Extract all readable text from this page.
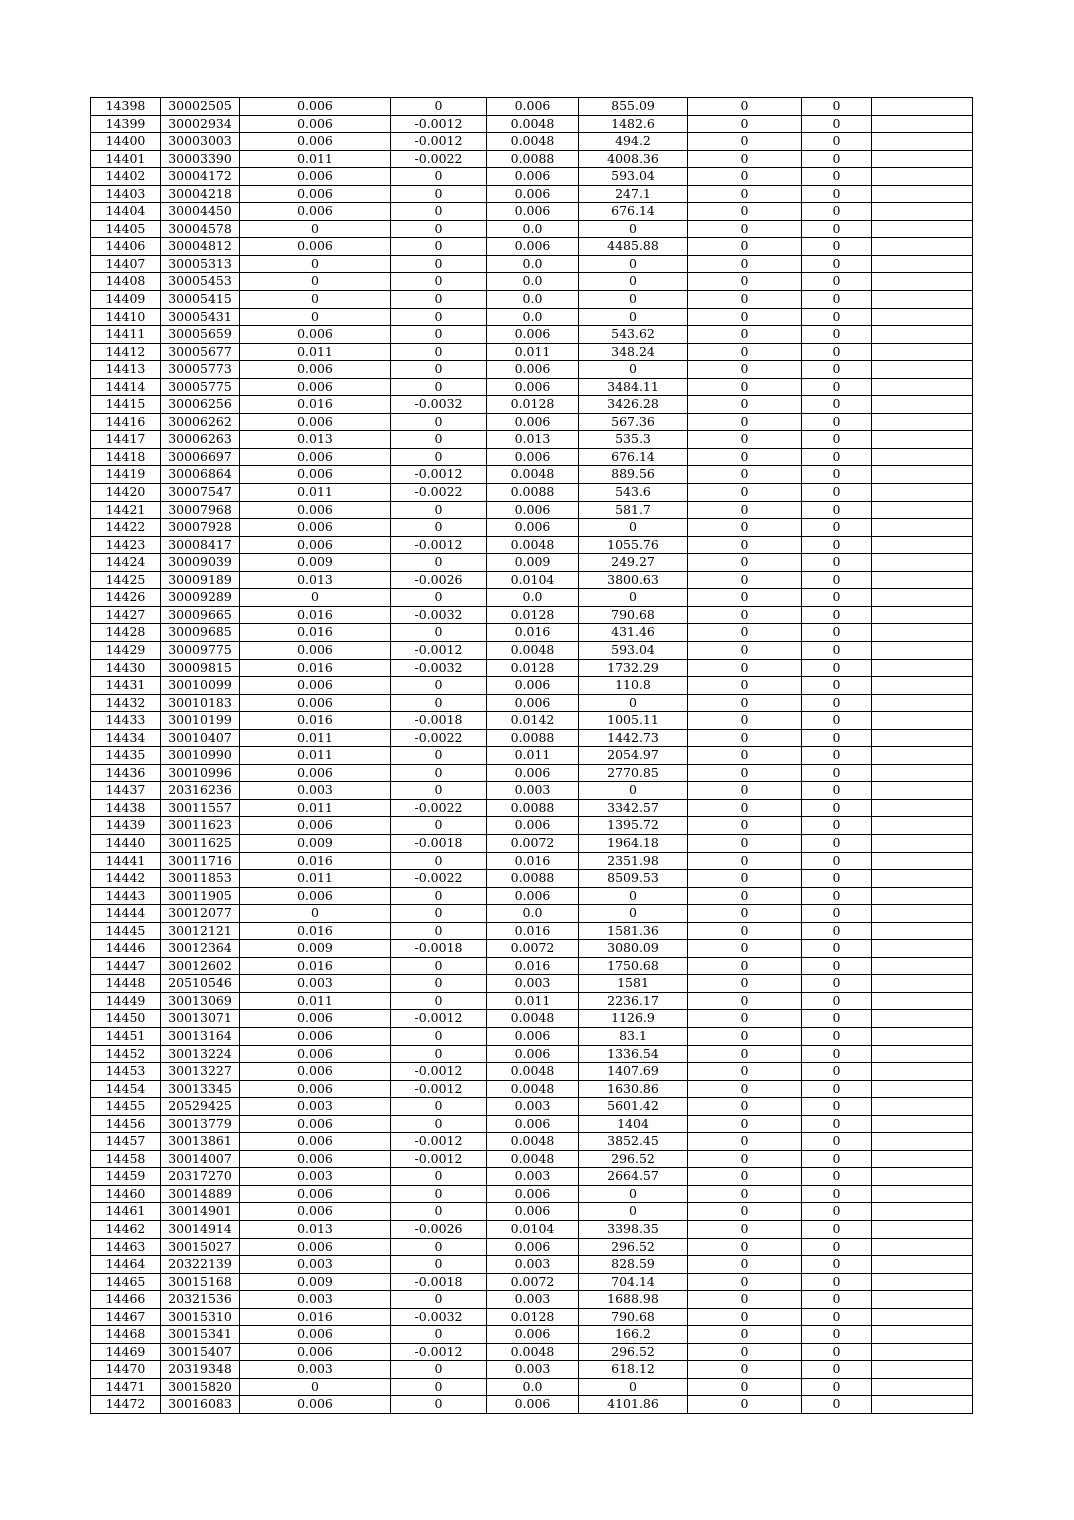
14398	30002505	0.006	0	0.006	855.09	0	0	
14399	30002934	0.006	-0.0012	0.0048	1482.6	0	0	
14400	30003003	0.006	-0.0012	0.0048	494.2	0	0	
14401	30003390	0.011	-0.0022	0.0088	4008.36	0	0	
14402	30004172	0.006	0	0.006	593.04	0	0	
14403	30004218	0.006	0	0.006	247.1	0	0	
14404	30004450	0.006	0	0.006	676.14	0	0	
14405	30004578	0	0	0.0	0	0	0	
14406	30004812	0.006	0	0.006	4485.88	0	0	
14407	30005313	0	0	0.0	0	0	0	
14408	30005453	0	0	0.0	0	0	0	
14409	30005415	0	0	0.0	0	0	0	
14410	30005431	0	0	0.0	0	0	0	
14411	30005659	0.006	0	0.006	543.62	0	0	
14412	30005677	0.011	0	0.011	348.24	0	0	
14413	30005773	0.006	0	0.006	0	0	0	
14414	30005775	0.006	0	0.006	3484.11	0	0	
14415	30006256	0.016	-0.0032	0.0128	3426.28	0	0	
14416	30006262	0.006	0	0.006	567.36	0	0	
14417	30006263	0.013	0	0.013	535.3	0	0	
14418	30006697	0.006	0	0.006	676.14	0	0	
14419	30006864	0.006	-0.0012	0.0048	889.56	0	0	
14420	30007547	0.011	-0.0022	0.0088	543.6	0	0	
14421	30007968	0.006	0	0.006	581.7	0	0	
14422	30007928	0.006	0	0.006	0	0	0	
14423	30008417	0.006	-0.0012	0.0048	1055.76	0	0	
14424	30009039	0.009	0	0.009	249.27	0	0	
14425	30009189	0.013	-0.0026	0.0104	3800.63	0	0	
14426	30009289	0	0	0.0	0	0	0	
14427	30009665	0.016	-0.0032	0.0128	790.68	0	0	
14428	30009685	0.016	0	0.016	431.46	0	0	
14429	30009775	0.006	-0.0012	0.0048	593.04	0	0	
14430	30009815	0.016	-0.0032	0.0128	1732.29	0	0	
14431	30010099	0.006	0	0.006	110.8	0	0	
14432	30010183	0.006	0	0.006	0	0	0	
14433	30010199	0.016	-0.0018	0.0142	1005.11	0	0	
14434	30010407	0.011	-0.0022	0.0088	1442.73	0	0	
14435	30010990	0.011	0	0.011	2054.97	0	0	
14436	30010996	0.006	0	0.006	2770.85	0	0	
14437	20316236	0.003	0	0.003	0	0	0	
14438	30011557	0.011	-0.0022	0.0088	3342.57	0	0	
14439	30011623	0.006	0	0.006	1395.72	0	0	
14440	30011625	0.009	-0.0018	0.0072	1964.18	0	0	
14441	30011716	0.016	0	0.016	2351.98	0	0	
14442	30011853	0.011	-0.0022	0.0088	8509.53	0	0	
14443	30011905	0.006	0	0.006	0	0	0	
14444	30012077	0	0	0.0	0	0	0	
14445	30012121	0.016	0	0.016	1581.36	0	0	
14446	30012364	0.009	-0.0018	0.0072	3080.09	0	0	
14447	30012602	0.016	0	0.016	1750.68	0	0	
14448	20510546	0.003	0	0.003	1581	0	0	
14449	30013069	0.011	0	0.011	2236.17	0	0	
14450	30013071	0.006	-0.0012	0.0048	1126.9	0	0	
14451	30013164	0.006	0	0.006	83.1	0	0	
14452	30013224	0.006	0	0.006	1336.54	0	0	
14453	30013227	0.006	-0.0012	0.0048	1407.69	0	0	
14454	30013345	0.006	-0.0012	0.0048	1630.86	0	0	
14455	20529425	0.003	0	0.003	5601.42	0	0	
14456	30013779	0.006	0	0.006	1404	0	0	
14457	30013861	0.006	-0.0012	0.0048	3852.45	0	0	
14458	30014007	0.006	-0.0012	0.0048	296.52	0	0	
14459	20317270	0.003	0	0.003	2664.57	0	0	
14460	30014889	0.006	0	0.006	0	0	0	
14461	30014901	0.006	0	0.006	0	0	0	
14462	30014914	0.013	-0.0026	0.0104	3398.35	0	0	
14463	30015027	0.006	0	0.006	296.52	0	0	
14464	20322139	0.003	0	0.003	828.59	0	0	
14465	30015168	0.009	-0.0018	0.0072	704.14	0	0	
14466	20321536	0.003	0	0.003	1688.98	0	0	
14467	30015310	0.016	-0.0032	0.0128	790.68	0	0	
14468	30015341	0.006	0	0.006	166.2	0	0	
14469	30015407	0.006	-0.0012	0.0048	296.52	0	0	
14470	20319348	0.003	0	0.003	618.12	0	0	
14471	30015820	0	0	0.0	0	0	0	
14472	30016083	0.006	0	0.006	4101.86	0	0	
